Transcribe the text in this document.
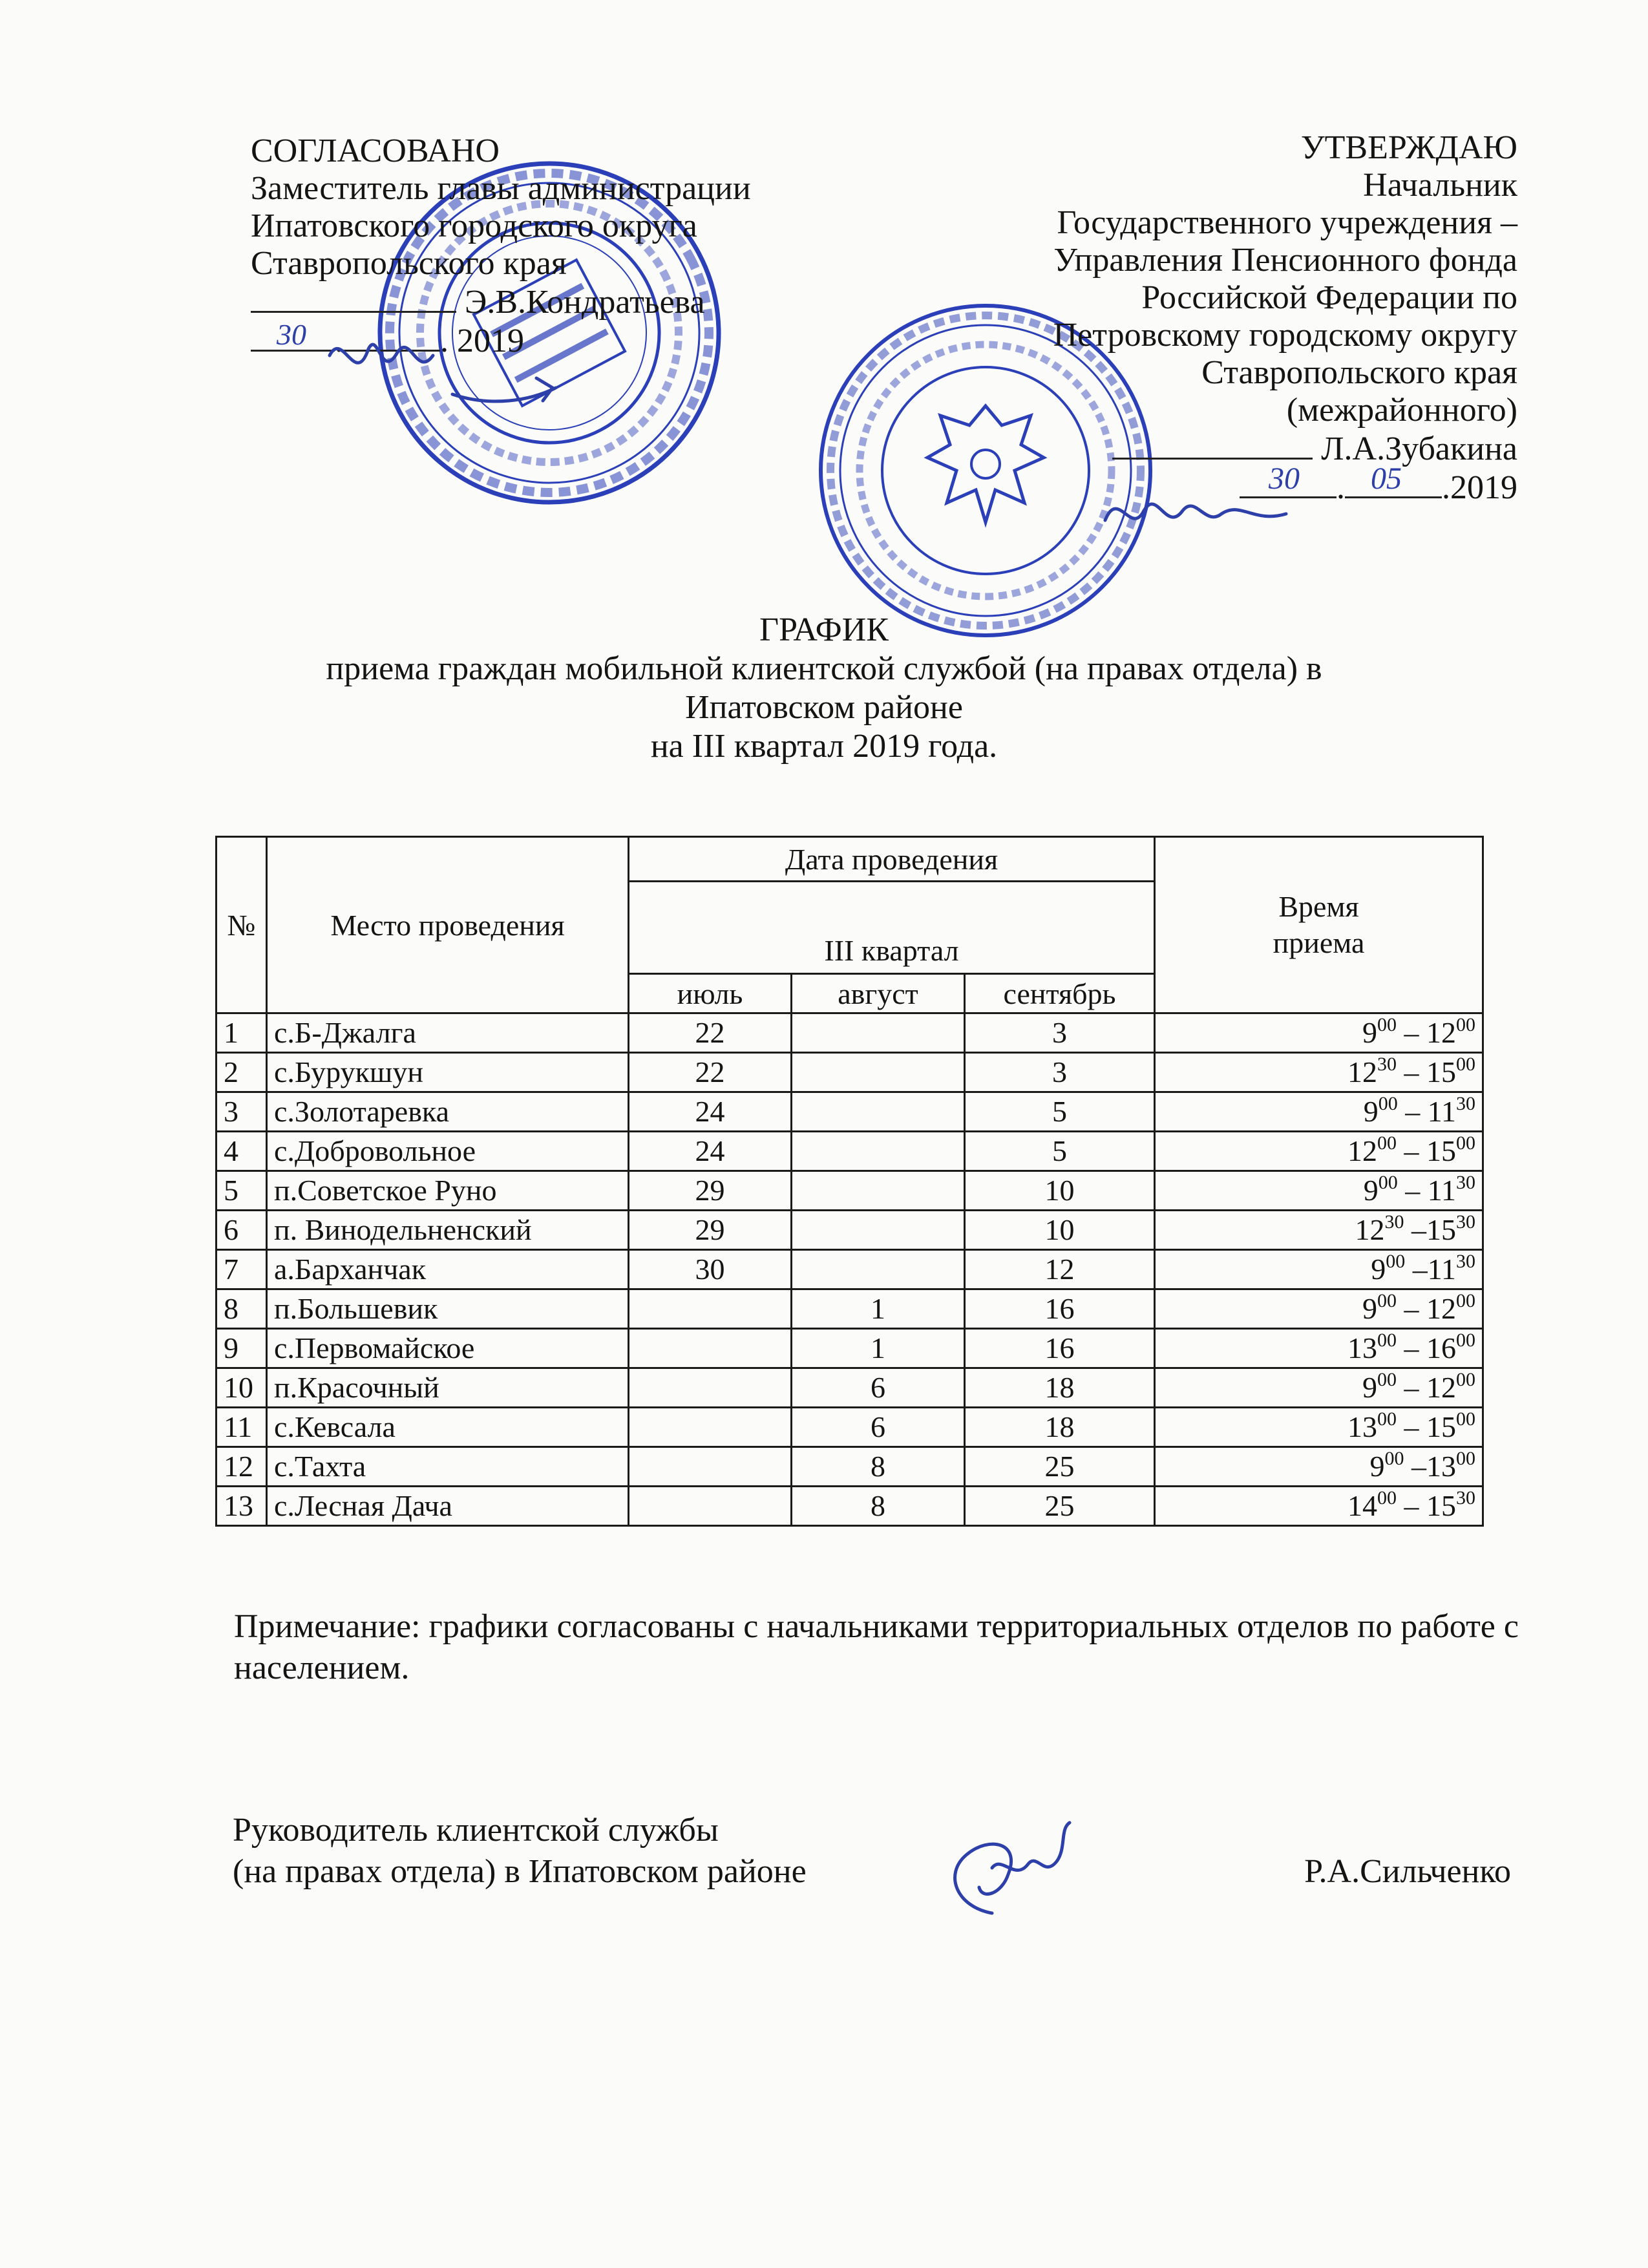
СОГЛАСОВАНО
Заместитель главы администрации
Ипатовского городского округа
Ставропольского края
Э.В.Кондратьева
30 .	. 2019
УТВЕРЖДАЮ
Начальник
Государственного учреждения –
Управления Пенсионного фонда
Российской Федерации по
Петровскому городскому округу
Ставропольского края
(межрайонного)
Л.А.Зубакина
30 . 05 .2019
ГРАФИК
приема граждан мобильной клиентской службой (на правах отдела) в
Ипатовском районе
на III квартал 2019 года.
№	Место проведения	Дата проведения			Время
приема

		III квартал			
		июль	август	сентябрь	
1	с.Б-Джалга	22		3	$9^{00} - 12^{00}$
2	с.Бурукшун	22		3	$12^{30} - 15^{00}$
3	с.Золотаревка	24		5	$9^{00} - 11^{30}$
4	с.Добровольное	24		5	$12^{00} - 15^{00}$
5	п.Советское Руно	29		10	$9^{00} - 11^{30}$
6	п. Винодельненский	29		10	$12^{30}$ $-15^{30}$
7	а.Барханчак	30		12	$9^{00}$ $-11^{30}$
8	п.Большевик		1	16	$9^{00} - 12^{00}$
9	с.Первомайское		1	16	$13^{00} - 16^{00}$
10	п.Красочный		6	18	$9^{00} - 12^{00}$
11	с.Кевсала		6	18	$13^{00} - 15^{00}$
12	с.Тахта		8	25	$9^{00}$ $-13^{00}$
13	с.Лесная Дача		8	25	$14^{00} - 15^{30}$
Примечание: графики согласованы с начальниками территориальных отделов по работе с населением.
Руководитель клиентской службы
(на правах отдела) в Ипатовском районе	Р.А.Сильченко
